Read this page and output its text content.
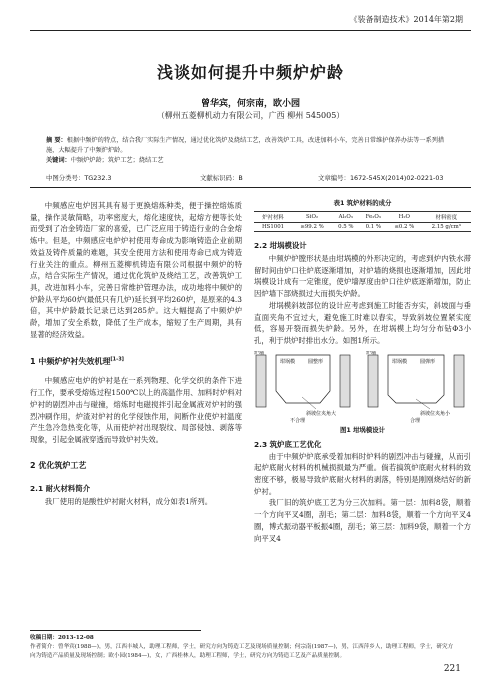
《装备制造技术》2014年第2期
浅谈如何提升中频炉炉龄
曾华宾，何宗南，欧小园
（柳州五菱柳机动力有限公司，广西 柳州 545005）
摘 要：根据中频炉的特点，结合我厂实际生产情况，通过优化筑炉及烧结工艺，改善筑炉工具，改进加料小车，完善日常维护保养办法等一系列措施，大幅提升了中频炉炉龄。
关键词：中频炉炉龄；筑炉工艺；烧结工艺
中图分类号：TG232.3	文献标识码：B	文章编号：1672-545X(2014)02-0221-03
中频感应电炉因其具有易于更换熔炼种类，便于操控熔炼质量，操作灵敏简略，功率密度大，熔化速度快，起熔方便等长处而受到了冶金铸造厂家的喜爱，已广泛应用于铸造行业的合金熔炼中。但是，中频感应电炉炉衬使用寿命成为影响铸造企业前期效益及铸件质量的难题，其安全使用方法和使用寿命已成为铸造行业关注的重点。柳州五菱柳机铸造有限公司根据中频炉的特点，结合实际生产情况，通过优化筑炉及烧结工艺，改善筑炉工具，改进加料小车，完善日常维护管理办法，成功地将中频炉的炉龄从平均60炉(最低只有几炉)延长到平均260炉，是原来的4.3倍，其中炉龄最长记录已达到285炉。这大幅提高了中频炉炉龄，增加了安全系数，降低了生产成本，缩短了生产周期，具有显著的经济效益。
1 中频炉炉衬失效机理[1-3]
中频感应电炉的炉衬是在一系列物理、化学交织的条件下进行工作，要承受熔炼过程1500℃以上的高温作用、加料时炉料对炉衬的剧烈冲击与碰撞，熔炼时电磁搅拌引起金属液对炉衬的强烈冲刷作用，炉渣对炉衬的化学侵蚀作用，间断作业使炉衬温度产生急冷急热变化等，从而使炉衬出现裂纹、局部侵蚀、剥落等现象，引起金属液穿透而导致炉衬失效。
2 优化筑炉工艺
2.1 耐火材料简介
我厂使用的是酸性炉衬耐火材料，成分如表1所列。
表1 筑炉材料的成分
炉衬材料	SiO₂	Al₂O₃	Fe₂O₃	H₂O	材料密度
HS1001	≥99.2 %	0.5 %	0.1 %	≤0.2 %	2.15 g/cm³
2.2 坩埚模设计
中频炉炉膛形状是由坩埚模的外形决定的，考虑到炉内铁水滞留时间由炉口往炉底逐渐增加，对炉墙的烧损也逐渐增加，因此坩埚模设计成有一定锥度，使炉墙厚度由炉口往炉底逐渐增加，防止因炉墙下部烧损过大而损失炉龄。
坩埚模斜坡部位的设计应考虑到施工时能否夯实，斜坡面与垂直面夹角不宜过大，避免施工时难以舂实，导致斜坡位置紧实度低，容易开裂而损失炉龄。另外，在坩埚模上均匀分布钻Φ3小孔，利于烘炉时排出水分。如图1所示。
炉墙
坩埚模	圆整形
斜坡位夹角大
不合理
炉墙
坩埚模	圆弹形
斜坡位夹角小
合理
图1 坩埚模设计
2.3 筑炉底工艺优化
由于中频炉炉底承受着加料时炉料的剧烈冲击与碰撞，从而引起炉底耐火材料的机械损损最为严重。倘若搞筑炉底耐火材料的致密度不够，极易导致炉底耐火材料的剥落，特别是刚刚烧结好的新炉衬。
我厂旧的筑炉底工艺为分三次加料。第一层：加料8袋，顺着一个方向平叉4圈，刮毛；第二层：加料8袋，顺着一个方向平叉4圈，博式振动器平板振4圈，刮毛；第三层：加料9袋，顺着一个方向平叉4
收稿日期：2013-12-08
作者简介：曾华宾(1988—)，男，江西丰城人，助理工程师，学士，研究方向为铸造工艺及现场质量控制；何宗南(1987—)，男，江西萍乡人，助理工程师，学士，研究方向为铸造产品质量及现场控制；欧小园(1984—)，女，广西桂林人，助理工程师，学士，研究方向为铸造工艺及产品质量控制。
221
